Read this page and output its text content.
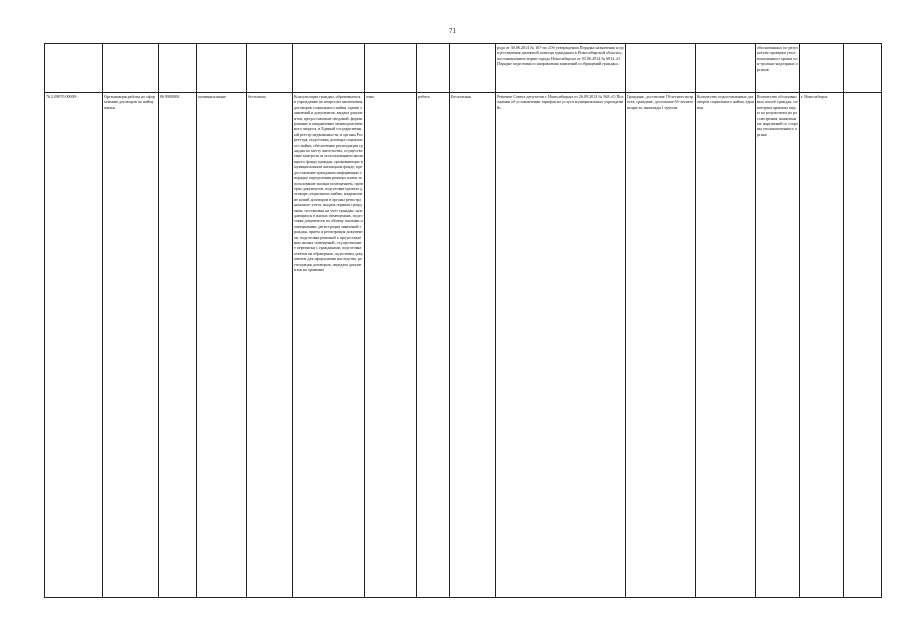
71

									рода от 30.06.2014 № 167-па «Об утверждении Порядка назначения и предоставления денежной помощи гражданам в Новосибирской области», постановлением мэрии города Новосибирска от 03.06.2014 № 6814 «О Порядке подготовки и направления заявлений и обращений граждан»			обоснованных по результатам проверки упол-номоченного органа пон-трольно-надзорных органов		

76.2.09070.00000-	Организация работы по оформлению договоров по найму жилья	86.9900000	муниципальные	бесплатно	Консультация граждан, обратившихся в учреждение по вопросам заключения договоров социального найма, прием заявлений и документов, выдача документов, предоставление сведений, формирование и направление межведомственного запроса, в Единый государственный реестр недвижимости, в органы Росреестра, подготовка договора социального найма, обеспечение регистрации граждан по месту жительства, осуществление контроля за использованием жилищного фонда граждан, проживающих в муниципальном жилищном фонде, предоставление гражданам информации о порядке определения размера платы за пользование жилым помещением, проверка документов, подготовка проекта договора социального найма, направление копий договоров в органы регистрационного учета, выдача справок гражданам, постановка на учет граждан, нуждающихся в жилых помещениях, подготовка документов по обмену жилыми помещениями, регистрация заявлений граждан, прием и регистрация документов, подготовка решений о предоставлении жилых помещений, осуществление переписки с гражданами, подготовка ответов на обращения, подготовка документов для оформления наследства, регистрация договоров, передача документов на хранение	очно	работа	Бесплатная	Решение Совета депутатов г. Новосибирска от 26.09.2012 № 568 «О Положении об установлении тарифов на услуги муниципальных учреждений»	Граждане, достигшие 18-летнего возраста, граждане, достигшие 65-летнего возраста, инвалиды I группы	Количество подготовленных договоров социального найма, единица	Количество обоснованных жалоб граждан, по которым приняты меры по результатам их рассмотрения, выявленных нарушений со стороны уполномоченного органа	г. Новосибирск	
